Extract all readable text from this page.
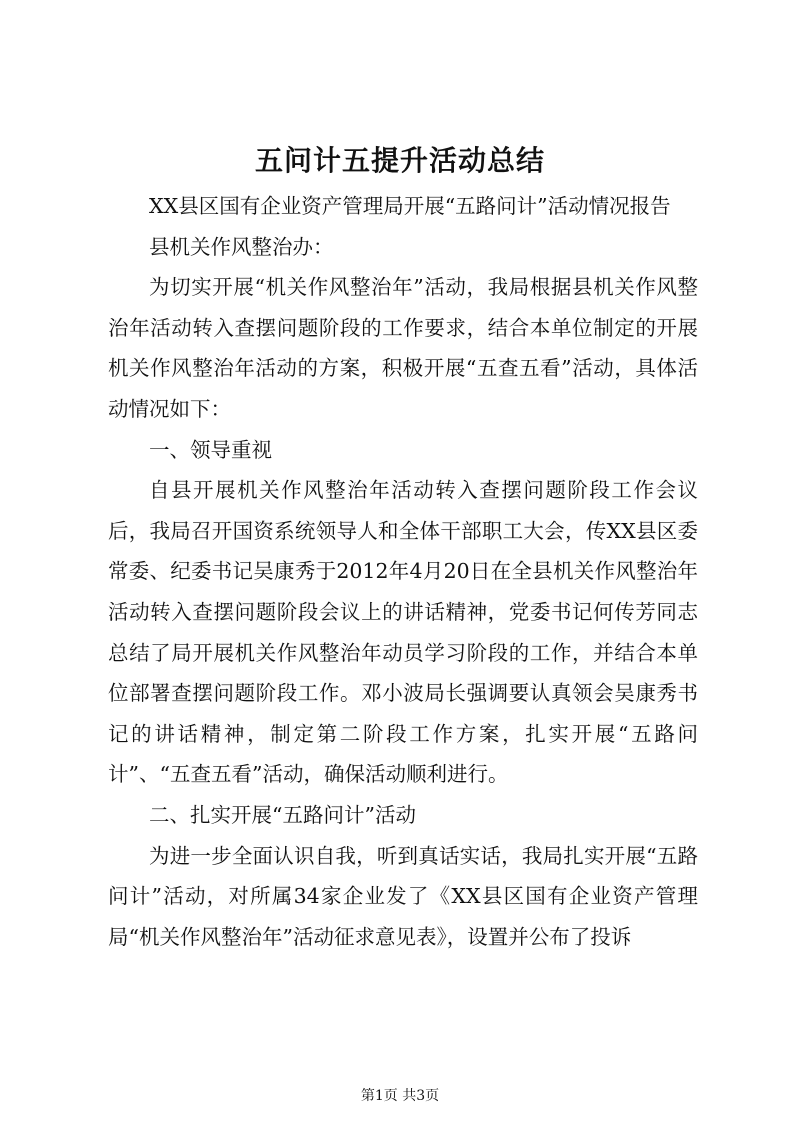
五问计五提升活动总结

XX县区国有企业资产管理局开展“五路问计”活动情况报告

县机关作风整治办：

为切实开展“机关作风整治年”活动，我局根据县机关作风整治年活动转入查摆问题阶段的工作要求，结合本单位制定的开展机关作风整治年活动的方案，积极开展“五查五看”活动，具体活动情况如下：

一、领导重视

自县开展机关作风整治年活动转入查摆问题阶段工作会议后，我局召开国资系统领导人和全体干部职工大会，传XX县区委常委、纪委书记吴康秀于2012年4月20日在全县机关作风整治年活动转入查摆问题阶段会议上的讲话精神，党委书记何传芳同志总结了局开展机关作风整治年动员学习阶段的工作，并结合本单位部署查摆问题阶段工作。邓小波局长强调要认真领会吴康秀书记的讲话精神，制定第二阶段工作方案，扎实开展“五路问计”、“五查五看”活动，确保活动顺利进行。

二、扎实开展“五路问计”活动

为进一步全面认识自我，听到真话实话，我局扎实开展“五路问计”活动，对所属34家企业发了《XX县区国有企业资产管理局“机关作风整治年”活动征求意见表》，设置并公布了投诉

第1页 共3页
